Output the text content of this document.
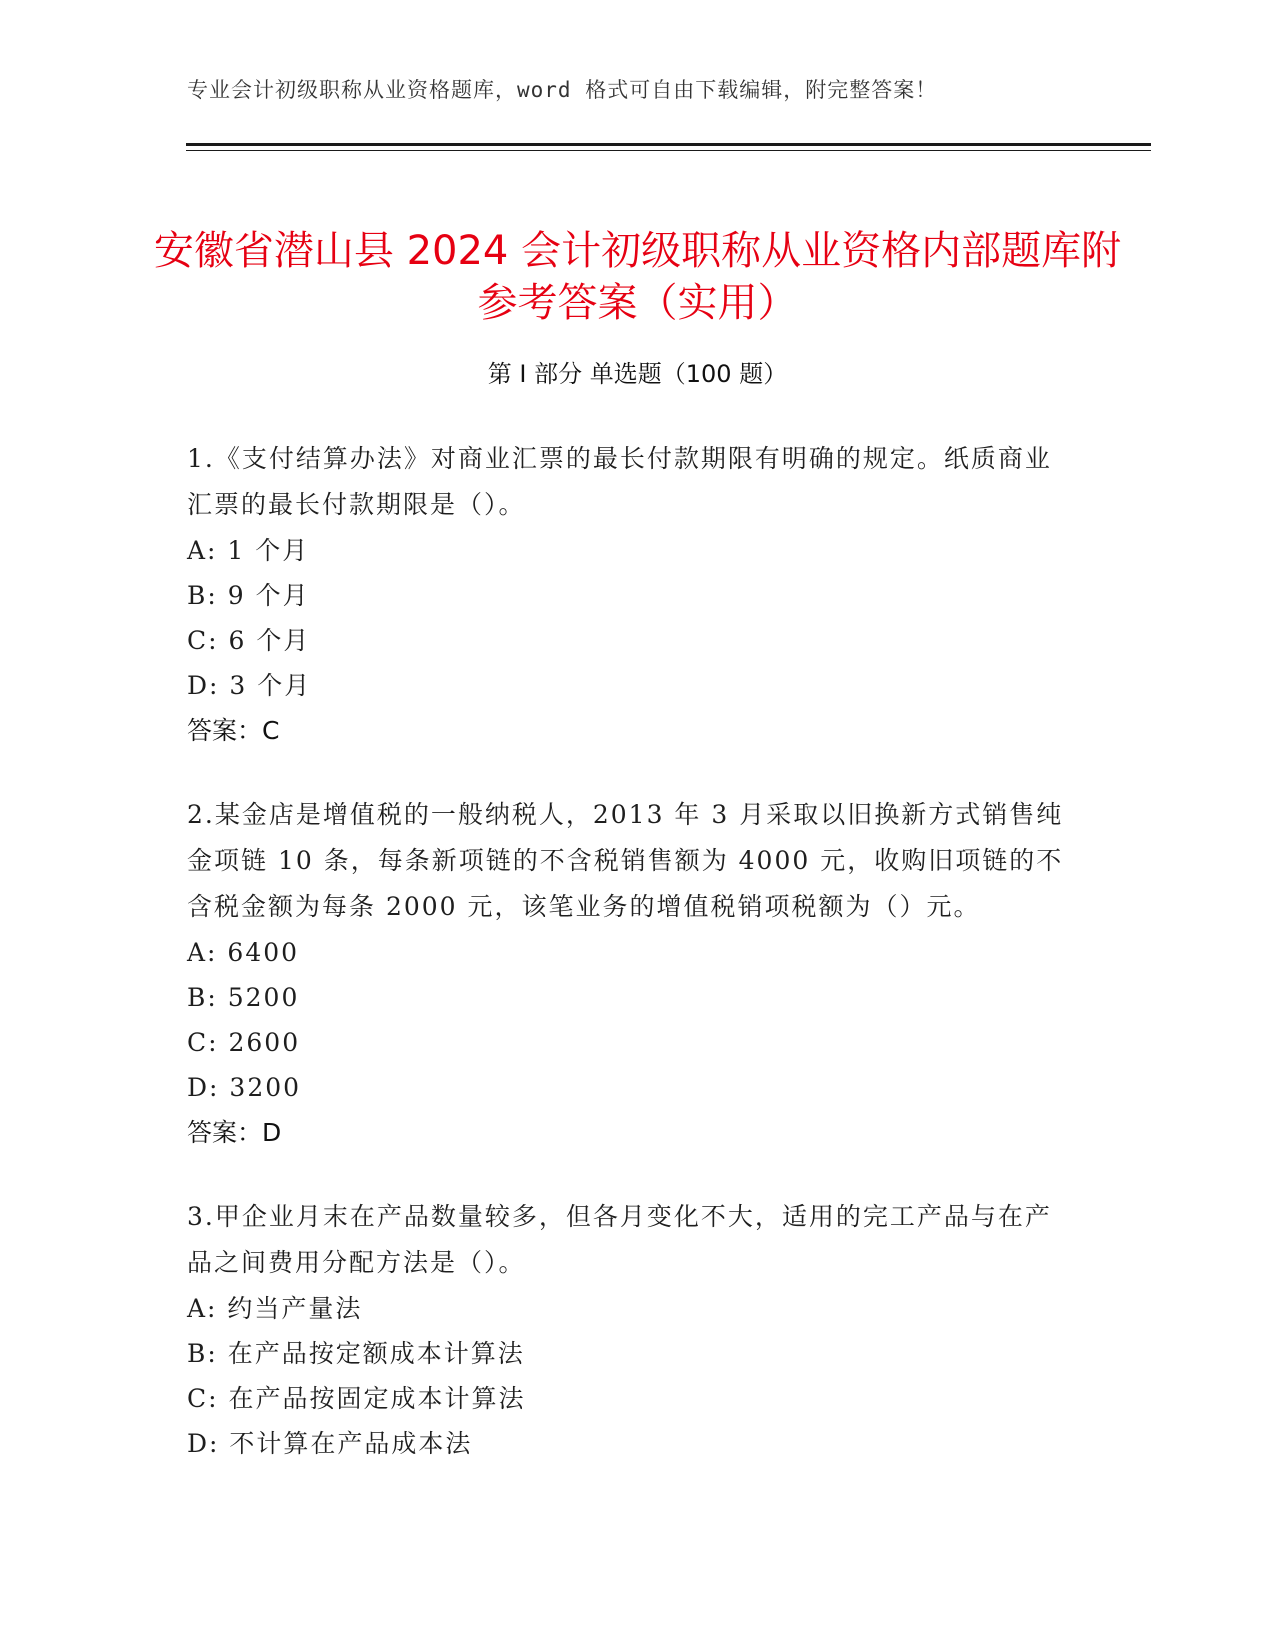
专业会计初级职称从业资格题库，word 格式可自由下载编辑，附完整答案！
安徽省潜山县 2024 会计初级职称从业资格内部题库附参考答案（实用）
第 I 部分 单选题（100 题）
1.《支付结算办法》对商业汇票的最长付款期限有明确的规定。纸质商业汇票的最长付款期限是（）。
A: 1 个月
B: 9 个月
C: 6 个月
D: 3 个月
答案：C
2.某金店是增值税的一般纳税人，2013 年 3 月采取以旧换新方式销售纯金项链 10 条，每条新项链的不含税销售额为 4000 元，收购旧项链的不含税金额为每条 2000 元，该笔业务的增值税销项税额为（）元。
A: 6400
B: 5200
C: 2600
D: 3200
答案：D
3.甲企业月末在产品数量较多，但各月变化不大，适用的完工产品与在产品之间费用分配方法是（）。
A: 约当产量法
B: 在产品按定额成本计算法
C: 在产品按固定成本计算法
D: 不计算在产品成本法
